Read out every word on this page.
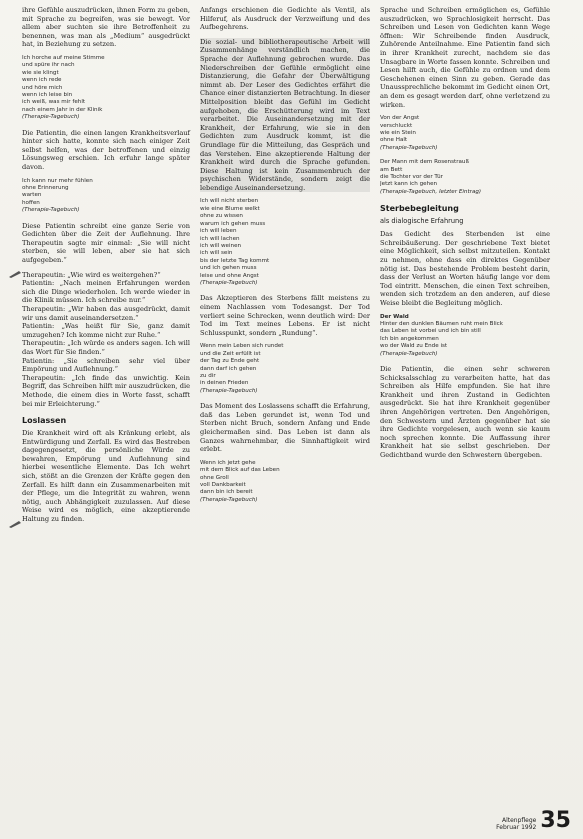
ihre Gefühle auszudrücken, ihnen Form zu geben, mit Sprache zu begreifen, was sie bewegt. Vor allem aber suchten sie ihre Betroffenheit zu benennen, was man als „Medium“ ausgedrückt hat, in Beziehung zu setzen.

Ich horche auf meine Stimme
und spüre ihr nach
wie sie klingt
wenn ich rede
und höre mich
wenn ich leise bin
ich weiß, was mir fehlt
nach einem Jahr in der Klinik
(Therapie-Tagebuch)

Die Patientin, die einen langen Krankheitsverlauf hinter sich hatte, konnte sich nach einiger Zeit selbst helfen, was der betroffenen und einzig Lösungsweg erschien. Ich erfuhr lange später davon.

Ich kann nur mehr fühlen
ohne Erinnerung
warten
hoffen
(Therapie-Tagebuch)

Diese Patientin schreibt eine ganze Serie von Gedichten über die Zeit der Auflehnung. Ihre Therapeutin sagte mir einmal: „Sie will nicht sterben, sie will leben, aber sie hat sich aufgegeben.“

Therapeutin: „Wie wird es weitergehen?“

Patientin: „Nach meinen Erfahrungen werden sich die Dinge wiederholen. Ich werde wieder in die Klinik müssen. Ich schreibe nur.“

Therapeutin: „Wir haben das ausgedrückt, damit wir uns damit auseinandersetzen.“

Patientin: „Was heißt für Sie, ganz damit umzugehen? Ich komme nicht zur Ruhe.“

Therapeutin: „Ich würde es anders sagen. Ich will das Wort für Sie finden.“

Patientin: „Sie schreiben sehr viel über Empörung und Auflehnung.“

Therapeutin: „Ich finde das unwichtig. Kein Begriff, das Schreiben hilft mir auszudrücken, die Methode, die einem dies in Worte fasst, schafft bei mir Erleichterung.“

Loslassen

Die Krankheit wird oft als Kränkung erlebt, als Entwürdigung und Zerfall. Es wird das Bestreben dagegengesetzt, die persönliche Würde zu bewahren, Empörung und Auflehnung sind hierbei wesentliche Elemente. Das Ich wehrt sich, stößt an die Grenzen der Kräfte gegen den Zerfall. Es hilft dann ein Zusammenarbeiten mit der Pflege, um die Integrität zu wahren, wenn nötig, auch Abhängigkeit zuzulassen. Auf diese Weise wird es möglich, eine akzeptierende Haltung zu finden.

Anfangs erschienen die Gedichte als Ventil, als Hilferuf, als Ausdruck der Verzweiflung und des Aufbegehrens.

Die sozial- und bibliotherapeutische Arbeit will Zusammenhänge verständlich machen, die Sprache der Auflehnung gebrochen wurde. Das Niederschreiben der Gefühle ermöglicht eine Distanzierung, die Gefahr der Überwältigung nimmt ab. Der Leser des Gedichtes erfährt die Chance einer distanzierten Betrachtung. In dieser Mittelposition bleibt das Gefühl im Gedicht aufgehoben, die Erschütterung wird im Text verarbeitet. Die Auseinandersetzung mit der Krankheit, der Erfahrung, wie sie in den Gedichten zum Ausdruck kommt, ist die Grundlage für die Mitteilung, das Gespräch und das Verstehen. Eine akzeptierende Haltung der Krankheit wird durch die Sprache gefunden. Diese Haltung ist kein Zusammenbruch der psychischen Widerstände, sondern zeigt die lebendige Auseinandersetzung.

Ich will nicht sterben
wie eine Blume welkt
ohne zu wissen
warum ich gehen muss
ich will leben
ich will lachen
ich will weinen
ich will sein
bis der letzte Tag kommt
und ich gehen muss
leise und ohne Angst
(Therapie-Tagebuch)

Das Akzeptieren des Sterbens fällt meistens zu einem Nachlassen vom Todesangst. Der Tod verliert seine Schrecken, wenn deutlich wird: Der Tod im Text meines Lebens. Er ist nicht Schlusspunkt, sondern „Rundung“.

Wenn mein Leben sich rundet
und die Zeit erfüllt ist
der Tag zu Ende geht
dann darf ich gehen
zu dir
in deinen Frieden
(Therapie-Tagebuch)

Das Moment des Loslassens schafft die Erfahrung, daß das Leben gerundet ist, wenn Tod und Sterben nicht Bruch, sondern Anfang und Ende gleichermaßen sind. Das Leben ist dann als Ganzes wahrnehmbar, die Sinnhaftigkeit wird erlebt.

Wenn ich jetzt gehe
mit dem Blick auf das Leben
ohne Groll
voll Dankbarkeit
dann bin ich bereit
(Therapie-Tagebuch)

Sprache und Schreiben ermöglichen es, Gefühle auszudrücken, wo Sprachlosigkeit herrscht. Das Schreiben und Lesen von Gedichten kann Wege öffnen: Wir Schreibende finden Ausdruck, Zuhörende Anteilnahme. Eine Patientin fand sich in ihrer Krankheit zurecht, nachdem sie das Unsagbare in Worte fassen konnte. Schreiben und Lesen hilft auch, die Gefühle zu ordnen und dem Geschehenen einen Sinn zu geben. Gerade das Unaussprechliche bekommt im Gedicht einen Ort, an dem es gesagt werden darf, ohne verletzend zu wirken.

Von der Angst
verschluckt
wie ein Stein
ohne Halt
(Therapie-Tagebuch)
Der Mann mit dem Rosenstrauß
am Bett
die Tochter vor der Tür
Jetzt kann ich gehen
(Therapie-Tagebuch, letzter Eintrag)
Sterbebegleitung
als dialogische Erfahrung

Das Gedicht des Sterbenden ist eine Schreibäußerung. Der geschriebene Text bietet eine Möglichkeit, sich selbst mitzuteilen. Kontakt zu nehmen, ohne dass ein direktes Gegenüber nötig ist. Das bestehende Problem besteht darin, dass der Verlust an Worten häufig lange vor dem Tod eintritt. Menschen, die einen Text schreiben, wenden sich trotzdem an den anderen, auf diese Weise bleibt die Begleitung möglich.

Der Wald
Hinter den dunklen Bäumen ruht mein Blick
das Leben ist vorbei und ich bin still
Ich bin angekommen
wo der Wald zu Ende ist
(Therapie-Tagebuch)

Die Patientin, die einen sehr schweren Schicksalsschlag zu verarbeiten hatte, hat das Schreiben als Hilfe empfunden. Sie hat ihre Krankheit und ihren Zustand in Gedichten ausgedrückt. Sie hat ihre Krankheit gegenüber ihren Angehörigen vertreten. Den Angehörigen, den Schwestern und Ärzten gegenüber hat sie ihre Gedichte vorgelesen, auch wenn sie kaum noch sprechen konnte. Die Auffassung ihrer Krankheit hat sie selbst geschrieben. Der Gedichtband wurde den Schwestern übergeben.

Altenpflege
Februar 1992 35
